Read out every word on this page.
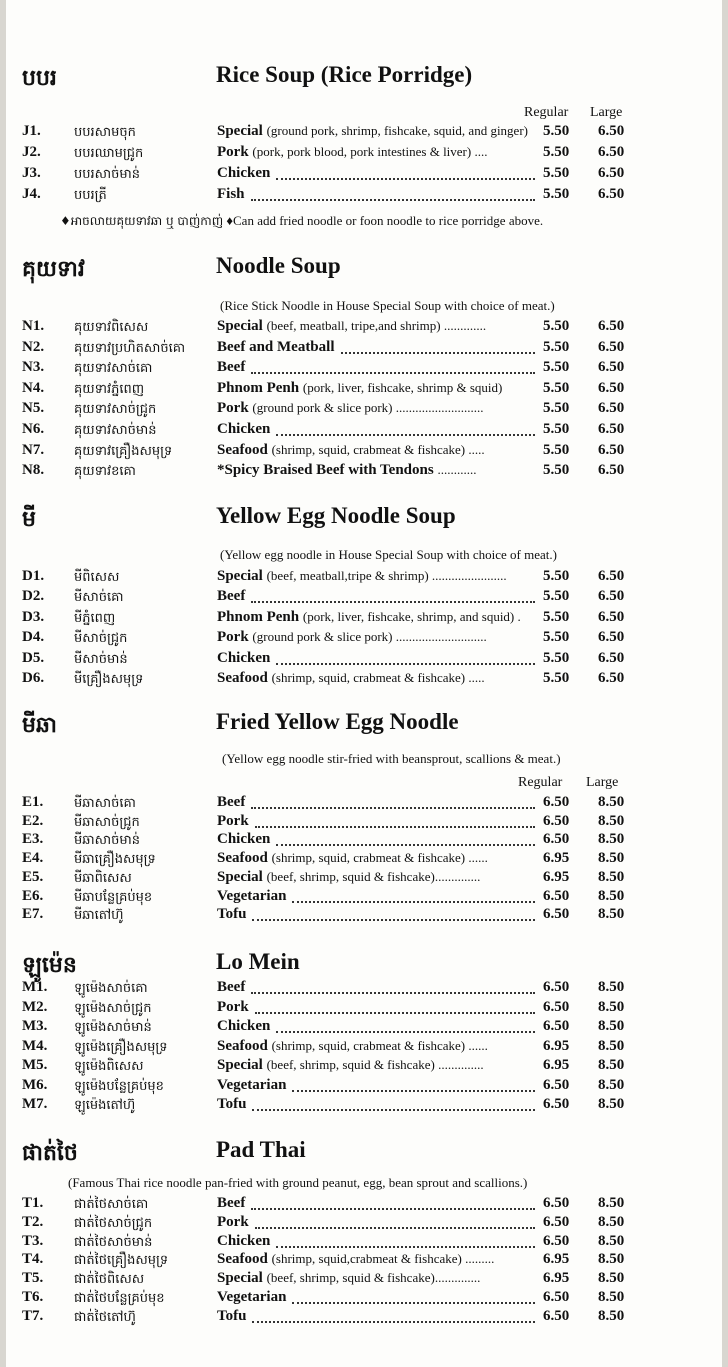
បបរ	Rice Soup (Rice Porridge)
Regular Large
J1.	បបរសាមចុក	Special (ground pork, shrimp, fishcake, squid, and ginger) 5.50 6.50
J2.	បបរឈាមជ្រូក	Pork (pork, pork blood, pork intestines & liver) ....	5.50 6.50
J3.	បបរសាច់មាន់	Chicken	5.50 6.50
J4.	បបរត្រី	Fish	5.50 6.50
♦អាចលាយគុយទាវឆា ឬ បាញ់កាញ់ ♦Can add fried noodle or foon noodle to rice porridge above.
គុយទាវ	Noodle Soup
(Rice Stick Noodle in House Special Soup with choice of meat.)
N1. គុយទាវពិសេស	Special (beef, meatball, tripe,and shrimp) .............	5.50 6.50
N2. គុយទាវប្រហិតសាច់គោ Beef and Meatball	5.50 6.50
N3. គុយទាវសាច់គោ	Beef	5.50 6.50
N4. គុយទាវភ្នំពេញ	Phnom Penh (pork, liver, fishcake, shrimp & squid)	5.50 6.50
N5. គុយទាវសាច់ជ្រូក	Pork (ground pork & slice pork) ...........................	5.50 6.50
N6. គុយទាវសាច់មាន់	Chicken	5.50 6.50
N7. គុយទាវគ្រឿងសមុទ្រ	Seafood (shrimp, squid, crabmeat & fishcake) .....	5.50 6.50
N8. គុយទាវខគោ	*Spicy Braised Beef with Tendons ............	5.50 6.50
មី	Yellow Egg Noodle Soup
(Yellow egg noodle in House Special Soup with choice of meat.)
D1. មីពិសេស	Special (beef, meatball,tripe & shrimp) ....................... 5.50 6.50
D2. មីសាច់គោ	Beef	5.50 6.50
D3. មីភ្នំពេញ	Phnom Penh (pork, liver, fishcake, shrimp, and squid) . 5.50 6.50
D4. មីសាច់ជ្រូក	Pork (ground pork & slice pork) ............................	5.50 6.50
D5. មីសាច់មាន់	Chicken	5.50 6.50
D6. មីគ្រឿងសមុទ្រ	Seafood (shrimp, squid, crabmeat & fishcake) .....	5.50 6.50
មីឆា	Fried Yellow Egg Noodle
(Yellow egg noodle stir-fried with beansprout, scallions & meat.)
Regular Large
E1. មីឆាសាច់គោ	Beef	6.50 8.50
E2. មីឆាសាច់ជ្រូក	Pork	6.50 8.50
E3. មីឆាសាច់មាន់	Chicken	6.50 8.50
E4. មីឆាគ្រឿងសមុទ្រ	Seafood (shrimp, squid, crabmeat & fishcake) ......	6.95 8.50
E5. មីឆាពិសេស	Special (beef, shrimp, squid & fishcake)..............	6.95 8.50
E6. មីឆាបន្លែគ្រប់មុខ	Vegetarian	6.50 8.50
E7. មីឆាតៅហ៊ូ	Tofu	6.50 8.50
ឡូម៉េន	Lo Mein
M1. ឡូម៉េងសាច់គោ	Beef	6.50 8.50
M2. ឡូម៉េងសាច់ជ្រូក	Pork	6.50 8.50
M3. ឡូម៉េងសាច់មាន់	Chicken	6.50 8.50
M4. ឡូម៉េងគ្រឿងសមុទ្រ	Seafood (shrimp, squid, crabmeat & fishcake) ......	6.95 8.50
M5. ឡូម៉េងពិសេស	Special (beef, shrimp, squid & fishcake) ..............	6.95 8.50
M6. ឡូម៉េងបន្លែគ្រប់មុខ	Vegetarian	6.50 8.50
M7. ឡូម៉េងតៅហ៊ូ	Tofu	6.50 8.50
ផាត់ថៃ	Pad Thai
(Famous Thai rice noodle pan-fried with ground peanut, egg, bean sprout and scallions.)
T1. ផាត់ថៃសាច់គោ	Beef	6.50 8.50
T2. ផាត់ថៃសាច់ជ្រូក	Pork	6.50 8.50
T3. ផាត់ថៃសាច់មាន់	Chicken	6.50 8.50
T4. ផាត់ថៃគ្រឿងសមុទ្រ	Seafood (shrimp, squid,crabmeat & fishcake) .........	6.95 8.50
T5. ផាត់ថៃពិសេស	Special (beef, shrimp, squid & fishcake)..............	6.95 8.50
T6. ផាត់ថៃបន្លែគ្រប់មុខ	Vegetarian	6.50 8.50
T7. ផាត់ថៃតៅហ៊ូ	Tofu	6.50 8.50
